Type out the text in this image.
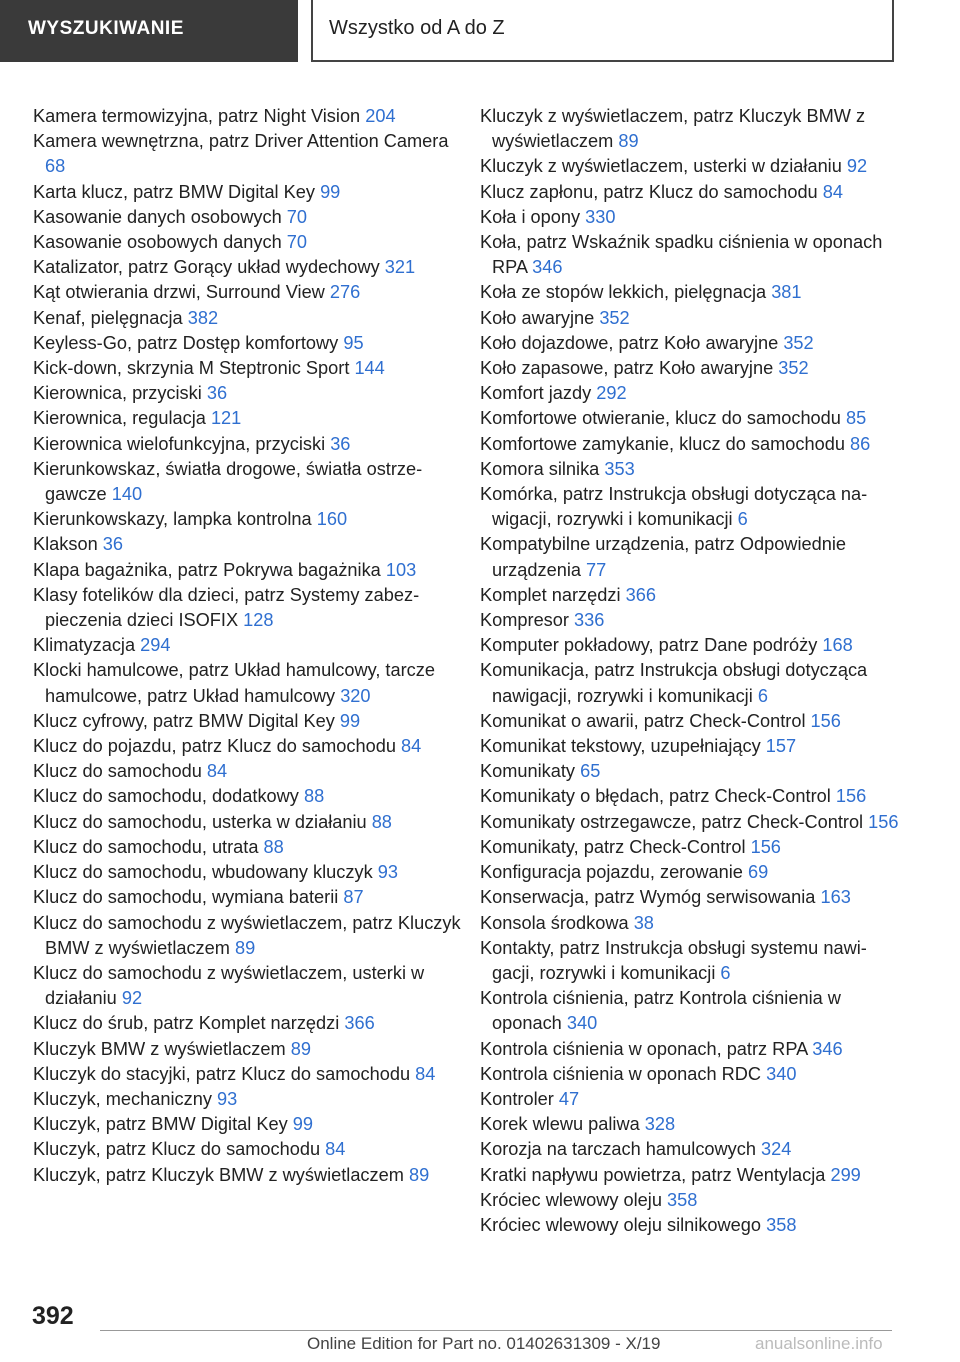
WYSZUKIWANIE	Wszystko od A do Z
Kamera termowizyjna, patrz Night Vision 204
Kamera wewnętrzna, patrz Driver Attention Camera 68
Karta klucz, patrz BMW Digital Key 99
Kasowanie danych osobowych 70
Kasowanie osobowych danych 70
Katalizator, patrz Gorący układ wydechowy 321
Kąt otwierania drzwi, Surround View 276
Kenaf, pielęgnacja 382
Keyless-Go, patrz Dostęp komfortowy 95
Kick-down, skrzynia M Steptronic Sport 144
Kierownica, przyciski 36
Kierownica, regulacja 121
Kierownica wielofunkcyjna, przyciski 36
Kierunkowskaz, światła drogowe, światła ostrzegawcze 140
Kierunkowskazy, lampka kontrolna 160
Klakson 36
Klapa bagażnika, patrz Pokrywa bagażnika 103
Klasy fotelików dla dzieci, patrz Systemy zabezpieczenia dzieci ISOFIX 128
Klimatyzacja 294
Klocki hamulcowe, patrz Układ hamulcowy, tarcze hamulcowe, patrz Układ hamulcowy 320
Klucz cyfrowy, patrz BMW Digital Key 99
Klucz do pojazdu, patrz Klucz do samochodu 84
Klucz do samochodu 84
Klucz do samochodu, dodatkowy 88
Klucz do samochodu, usterka w działaniu 88
Klucz do samochodu, utrata 88
Klucz do samochodu, wbudowany kluczyk 93
Klucz do samochodu, wymiana baterii 87
Klucz do samochodu z wyświetlaczem, patrz Kluczyk BMW z wyświetlaczem 89
Klucz do samochodu z wyświetlaczem, usterki w działaniu 92
Klucz do śrub, patrz Komplet narzędzi 366
Kluczyk BMW z wyświetlaczem 89
Kluczyk do stacyjki, patrz Klucz do samochodu 84
Kluczyk, mechaniczny 93
Kluczyk, patrz BMW Digital Key 99
Kluczyk, patrz Klucz do samochodu 84
Kluczyk, patrz Kluczyk BMW z wyświetlaczem 89
Kluczyk z wyświetlaczem, patrz Kluczyk BMW z wyświetlaczem 89
Kluczyk z wyświetlaczem, usterki w działaniu 92
Klucz zapłonu, patrz Klucz do samochodu 84
Koła i opony 330
Koła, patrz Wskaźnik spadku ciśnienia w oponach RPA 346
Koła ze stopów lekkich, pielęgnacja 381
Koło awaryjne 352
Koło dojazdowe, patrz Koło awaryjne 352
Koło zapasowe, patrz Koło awaryjne 352
Komfort jazdy 292
Komfortowe otwieranie, klucz do samochodu 85
Komfortowe zamykanie, klucz do samochodu 86
Komora silnika 353
Komórka, patrz Instrukcja obsługi dotycząca nawigacji, rozrywki i komunikacji 6
Kompatybilne urządzenia, patrz Odpowiednie urządzenia 77
Komplet narzędzi 366
Kompresor 336
Komputer pokładowy, patrz Dane podróży 168
Komunikacja, patrz Instrukcja obsługi dotycząca nawigacji, rozrywki i komunikacji 6
Komunikat o awarii, patrz Check-Control 156
Komunikat tekstowy, uzupełniający 157
Komunikaty 65
Komunikaty o błędach, patrz Check-Control 156
Komunikaty ostrzegawcze, patrz Check-Control 156
Komunikaty, patrz Check-Control 156
Konfiguracja pojazdu, zerowanie 69
Konserwacja, patrz Wymóg serwisowania 163
Konsola środkowa 38
Kontakty, patrz Instrukcja obsługi systemu nawigacji, rozrywki i komunikacji 6
Kontrola ciśnienia, patrz Kontrola ciśnienia w oponach 340
Kontrola ciśnienia w oponach, patrz RPA 346
Kontrola ciśnienia w oponach RDC 340
Kontroler 47
Korek wlewu paliwa 328
Korozja na tarczach hamulcowych 324
Kratki napływu powietrza, patrz Wentylacja 299
Króciec wlewowy oleju 358
Króciec wlewowy oleju silnikowego 358
392
Online Edition for Part no. 01402631309 - X/19	anualsonline.info
